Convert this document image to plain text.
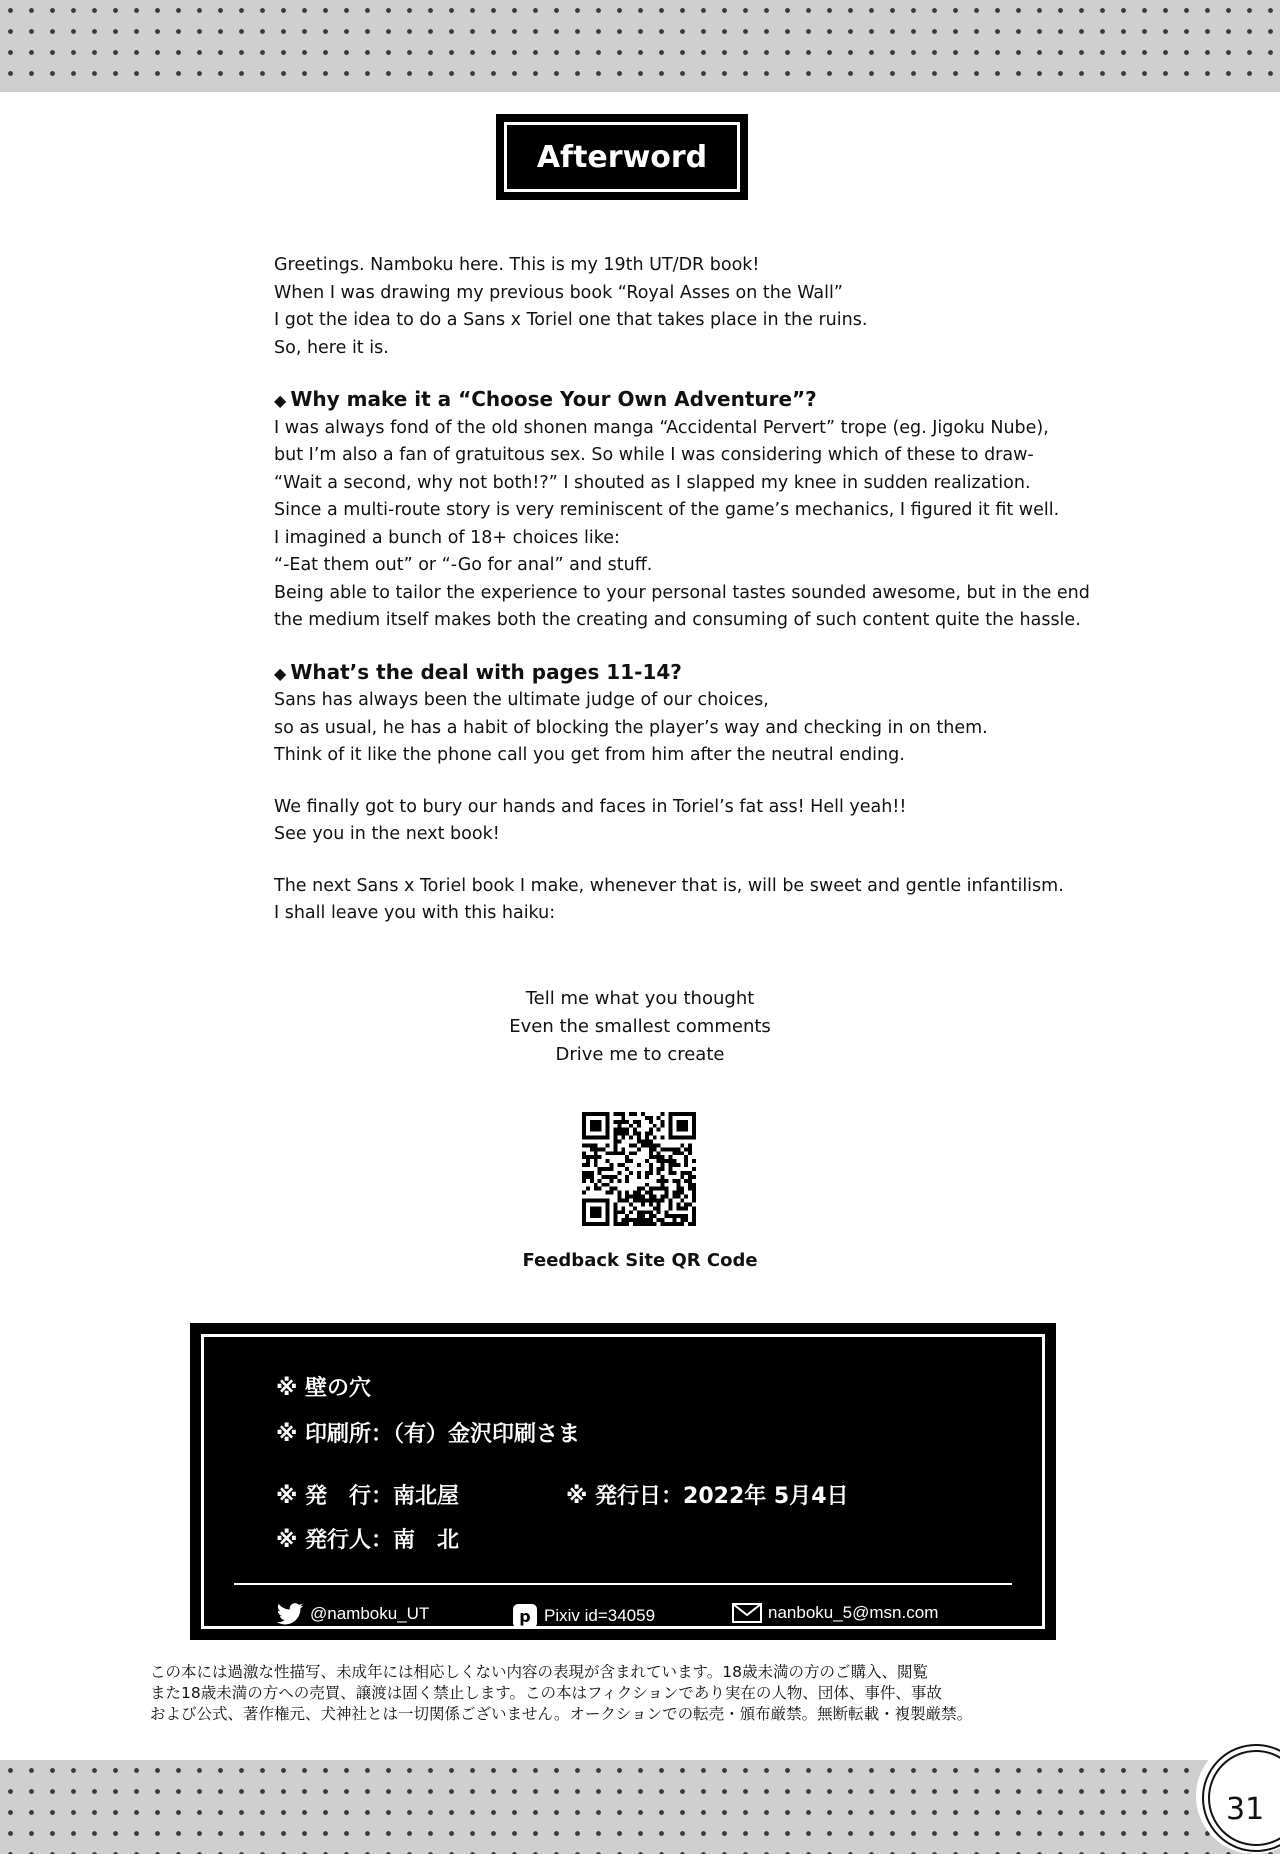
Afterword

Greetings. Namboku here. This is my 19th UT/DR book!

When I was drawing my previous book “Royal Asses on the Wall”

I got the idea to do a Sans x Toriel one that takes place in the ruins.

So, here it is.

◆ Why make it a “Choose Your Own Adventure”?

I was always fond of the old shonen manga “Accidental Pervert” trope (eg. Jigoku Nube),

but I’m also a fan of gratuitous sex. So while I was considering which of these to draw-

“Wait a second, why not both!?” I shouted as I slapped my knee in sudden realization.

Since a multi-route story is very reminiscent of the game’s mechanics, I figured it fit well.

I imagined a bunch of 18+ choices like:

“-Eat them out” or “-Go for anal” and stuff.

Being able to tailor the experience to your personal tastes sounded awesome, but in the end

the medium itself makes both the creating and consuming of such content quite the hassle.

◆ What’s the deal with pages 11-14?

Sans has always been the ultimate judge of our choices,

so as usual, he has a habit of blocking the player’s way and checking in on them.

Think of it like the phone call you get from him after the neutral ending.

We finally got to bury our hands and faces in Toriel’s fat ass! Hell yeah!!

See you in the next book!

The next Sans x Toriel book I make, whenever that is, will be sweet and gentle infantilism.

I shall leave you with this haiku:

Tell me what you thought

Even the smallest comments

Drive me to create

Feedback Site QR Code
※ 壁の穴
※ 印刷所：（有）金沢印刷さま
※ 発　行：南北屋	※ 発行日：2022年 5月4日
※ 発行人：南　北
@namboku_UT	p Pixiv id=34059	nanboku_5@msn.com

この本には過激な性描写、未成年には相応しくない内容の表現が含まれています。18歳未満の方のご購入、閲覧

また18歳未満の方への売買、譲渡は固く禁止します。この本はフィクションであり実在の人物、団体、事件、事故

および公式、著作権元、犬神社とは一切関係ございません。オークションでの転売・頒布厳禁。無断転載・複製厳禁。

31
